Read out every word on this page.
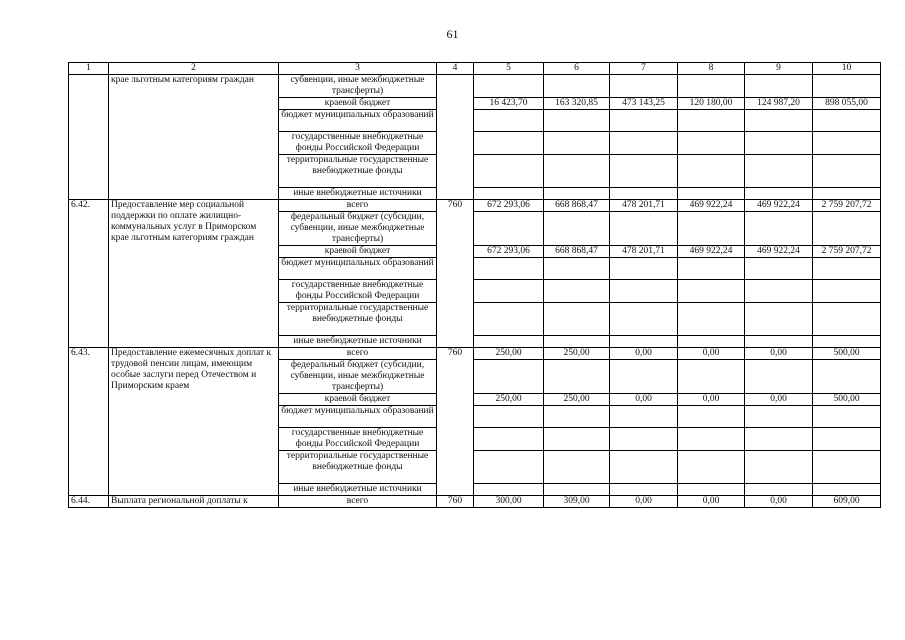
61
· · · ·
1	2	3	4	5	6	7	8	9	10
	крае льготным категориям граждан	субвенции, иные межбюджетные трансферты)							
		краевой бюджет		16 423,70	163 320,85	473 143,25	120 180,00	124 987,20	898 055,00
		бюджет муниципальных образований							
		государственные внебюджетные фонды Российской Федерации							
		территориальные государственные внебюджетные фонды							
		иные внебюджетные источники							
6.42.	Предоставление мер социальной поддержки по оплате жилищно-коммунальных услуг в Приморском крае льготным категориям граждан	всего	760	672 293,06	668 868,47	478 201,71	469 922,24	469 922,24	2 759 207,72
		федеральный бюджет (субсидии, субвенции, иные межбюджетные трансферты)							
		краевой бюджет		672 293,06	668 868,47	478 201,71	469 922,24	469 922,24	2 759 207,72
		бюджет муниципальных образований							
		государственные внебюджетные фонды Российской Федерации							
		территориальные государственные внебюджетные фонды							
		иные внебюджетные источники							
6.43.	Предоставление ежемесячных доплат к трудовой пенсии лицам, имеющим особые заслуги перед Отечеством и Приморским краем	всего	760	250,00	250,00	0,00	0,00	0,00	500,00
		федеральный бюджет (субсидии, субвенции, иные межбюджетные трансферты)							
		краевой бюджет		250,00	250,00	0,00	0,00	0,00	500,00
		бюджет муниципальных образований							
		государственные внебюджетные фонды Российской Федерации							
		территориальные государственные внебюджетные фонды							
		иные внебюджетные источники							
6.44.	Выплата региональной доплаты к	всего	760	300,00	309,00	0,00	0,00	0,00	609,00
